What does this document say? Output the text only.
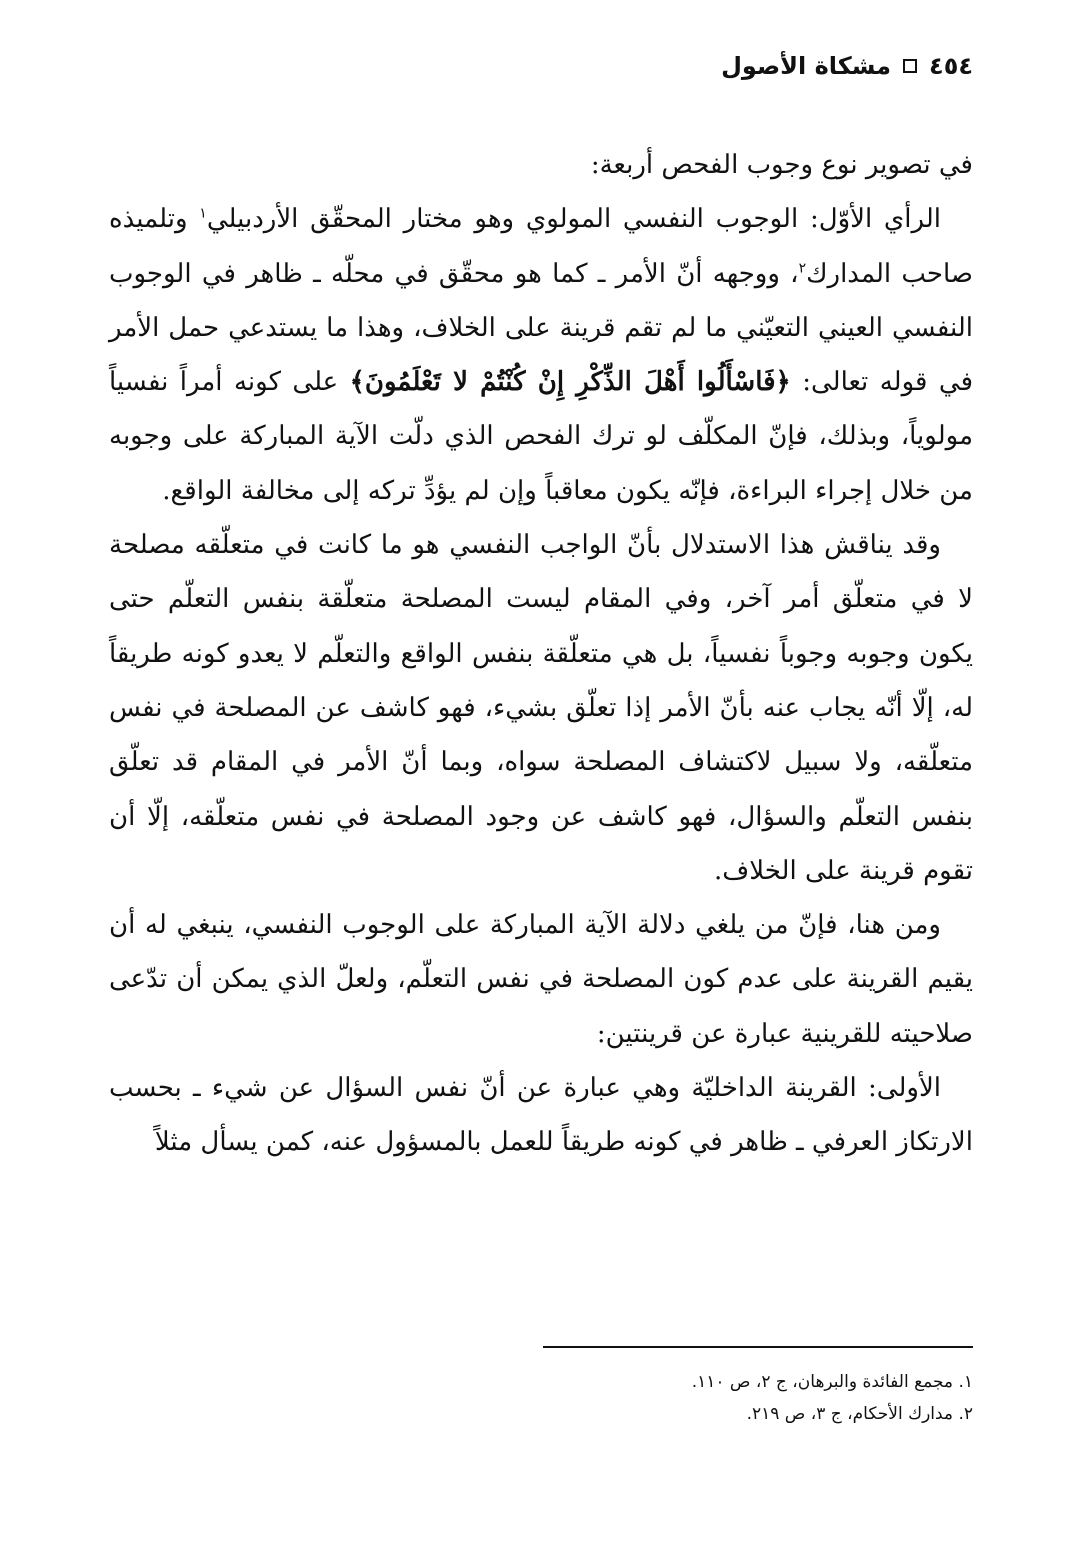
٤٥٤
مشكاة الأصول

في تصوير نوع وجوب الفحص أربعة:

الرأي الأوّل: الوجوب النفسي المولوي وهو مختار المحقّق الأردبيلي$^١$ وتلميذه صاحب المدارك$^٢$، ووجهه أنّ الأمر ـ كما هو محقّق في محلّه ـ ظاهر في الوجوب النفسي العيني التعيّني ما لم تقم قرينة على الخلاف، وهذا ما يستدعي حمل الأمر في قوله تعالى: ﴿فَاسْأَلُوا أَهْلَ الذِّكْرِ إِنْ كُنْتُمْ لا تَعْلَمُونَ﴾ على كونه أمراً نفسياً مولوياً، وبذلك، فإنّ المكلّف لو ترك الفحص الذي دلّت الآية المباركة على وجوبه من خلال إجراء البراءة، فإنّه يكون معاقباً وإن لم يؤدِّ تركه إلى مخالفة الواقع.

وقد يناقش هذا الاستدلال بأنّ الواجب النفسي هو ما كانت في متعلّقه مصلحة لا في متعلّق أمر آخر، وفي المقام ليست المصلحة متعلّقة بنفس التعلّم حتى يكون وجوبه وجوباً نفسياً، بل هي متعلّقة بنفس الواقع والتعلّم لا يعدو كونه طريقاً له، إلّا أنّه يجاب عنه بأنّ الأمر إذا تعلّق بشيء، فهو كاشف عن المصلحة في نفس متعلّقه، ولا سبيل لاكتشاف المصلحة سواه، وبما أنّ الأمر في المقام قد تعلّق بنفس التعلّم والسؤال، فهو كاشف عن وجود المصلحة في نفس متعلّقه، إلّا أن تقوم قرينة على الخلاف.

ومن هنا، فإنّ من يلغي دلالة الآية المباركة على الوجوب النفسي، ينبغي له أن يقيم القرينة على عدم كون المصلحة في نفس التعلّم، ولعلّ الذي يمكن أن تدّعى صلاحيته للقرينية عبارة عن قرينتين:

الأولى: القرينة الداخليّة وهي عبارة عن أنّ نفس السؤال عن شيء ـ بحسب الارتكاز العرفي ـ ظاهر في كونه طريقاً للعمل بالمسؤول عنه، كمن يسأل مثلاً

١. مجمع الفائدة والبرهان، ج ٢، ص ١١٠.
٢. مدارك الأحكام، ج ٣، ص ٢١٩.
